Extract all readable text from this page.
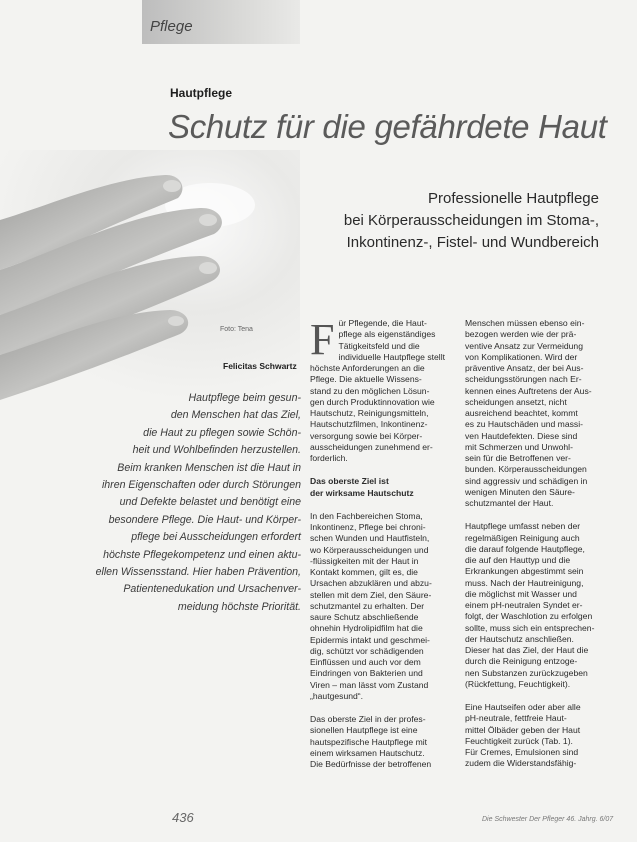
Pflege
Hautpflege
Schutz für die gefährdete Haut
Professionelle Hautpflege
bei Körperausscheidungen im Stoma-,
Inkontinenz-, Fistel- und Wundbereich
Foto: Tena
Felicitas Schwartz
Hautpflege beim gesun-
den Menschen hat das Ziel,
die Haut zu pflegen sowie Schön-
heit und Wohlbefinden herzustellen.
Beim kranken Menschen ist die Haut in
ihren Eigenschaften oder durch Störungen
und Defekte belastet und benötigt eine
besondere Pflege. Die Haut- und Körper-
pflege bei Ausscheidungen erfordert
höchste Pflegekompetenz und einen aktu-
ellen Wissensstand. Hier haben Prävention,
Patientenedukation und Ursachenver-
meidung höchste Priorität.
F ür Pflegende, die Haut-
pflege als eigenständiges
Tätigkeitsfeld und die
individuelle Hautpflege stellt
höchste Anforderungen an die
Pflege. Die aktuelle Wissens-
stand zu den möglichen Lösun-
gen durch Produktinnovation wie
Hautschutz, Reinigungsmitteln,
Hautschutzfilmen, Inkontinenz-
versorgung sowie bei Körper-
ausscheidungen zunehmend er-
forderlich.
Das oberste Ziel ist
der wirksame Hautschutz
In den Fachbereichen Stoma,
Inkontinenz, Pflege bei chroni-
schen Wunden und Hautfisteln,
wo Körperausscheidungen und
-flüssigkeiten mit der Haut in
Kontakt kommen, gilt es, die
Ursachen abzuklären und abzu-
stellen mit dem Ziel, den Säure-
schutzmantel zu erhalten. Der
saure Schutz abschließende
ohnehin Hydrolipidfilm hat die
Epidermis intakt und geschmei-
dig, schützt vor schädigenden
Einflüssen und auch vor dem
Eindringen von Bakterien und
Viren – man lässt vom Zustand
„hautgesund“.
Das oberste Ziel in der profes-
sionellen Hautpflege ist eine
hautspezifische Hautpflege mit
einem wirksamen Hautschutz.
Die Bedürfnisse der betroffenen
Menschen müssen ebenso ein-
bezogen werden wie der prä-
ventive Ansatz zur Vermeidung
von Komplikationen. Wird der
präventive Ansatz, der bei Aus-
scheidungsstörungen nach Er-
kennen eines Auftretens der Aus-
scheidungen ansetzt, nicht
ausreichend beachtet, kommt
es zu Hautschäden und massi-
ven Hautdefekten. Diese sind
mit Schmerzen und Unwohl-
sein für die Betroffenen ver-
bunden. Körperausscheidungen
sind aggressiv und schädigen in
wenigen Minuten den Säure-
schutzmantel der Haut.
Hautpflege umfasst neben der
regelmäßigen Reinigung auch
die darauf folgende Hautpflege,
die auf den Hauttyp und die
Erkrankungen abgestimmt sein
muss. Nach der Hautreinigung,
die möglichst mit Wasser und
einem pH-neutralen Syndet er-
folgt, der Waschlotion zu erfolgen
sollte, muss sich ein entsprechen-
der Hautschutz anschließen.
Dieser hat das Ziel, der Haut die
durch die Reinigung entzoge-
nen Substanzen zurückzugeben
(Rückfettung, Feuchtigkeit).
Eine Hautseifen oder aber alle
pH-neutrale, fettfreie Haut-
mittel Ölbäder geben der Haut
Feuchtigkeit zurück (Tab. 1).
Für Cremes, Emulsionen sind
zudem die Widerstandsfähig-
436	Die Schwester Der Pfleger 46. Jahrg. 6/07
